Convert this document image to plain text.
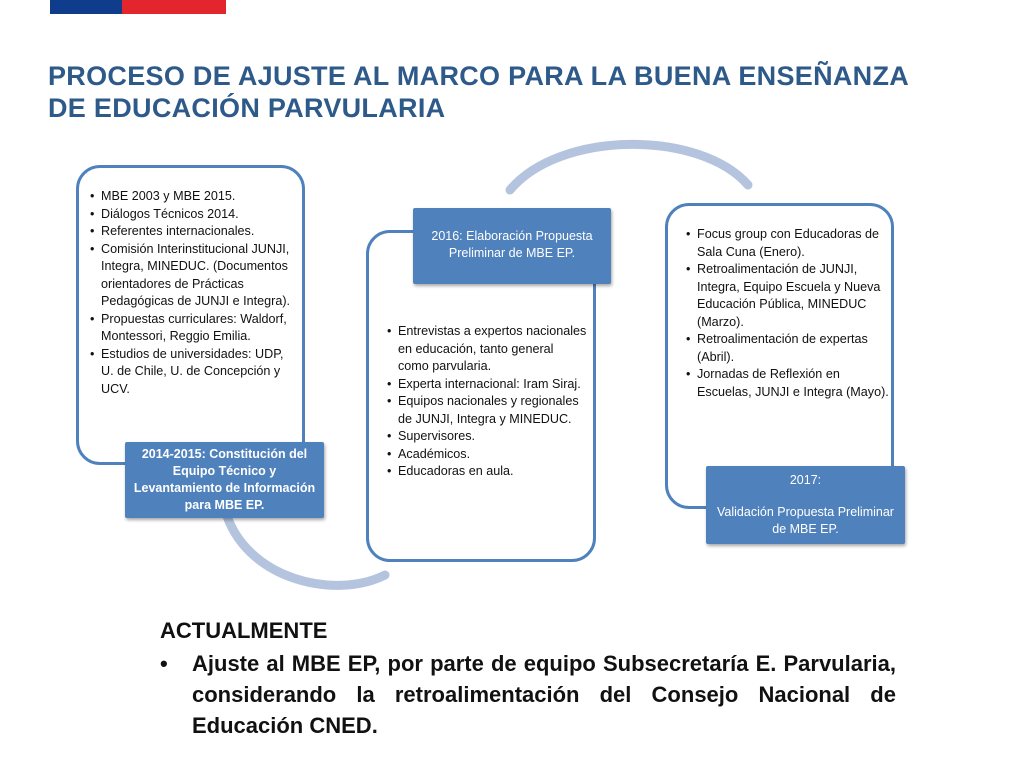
PROCESO DE AJUSTE AL MARCO PARA LA BUENA ENSEÑANZA DE EDUCACIÓN PARVULARIA
• MBE 2003 y MBE 2015.
• Diálogos Técnicos 2014.
• Referentes internacionales.
• Comisión Interinstitucional JUNJI, Integra, MINEDUC. (Documentos orientadores de Prácticas Pedagógicas de JUNJI e Integra).
• Propuestas curriculares: Waldorf, Montessori, Reggio Emilia.
• Estudios de universidades: UDP, U. de Chile, U. de Concepción y UCV.
2014-2015: Constitución del Equipo Técnico y Levantamiento de Información para MBE EP.
• Entrevistas a expertos nacionales en educación, tanto general como parvularia.
• Experta internacional: Iram Siraj.
• Equipos nacionales y regionales de JUNJI, Integra y MINEDUC.
• Supervisores.
• Académicos.
• Educadoras en aula.
2016: Elaboración Propuesta Preliminar de MBE EP.
• Focus group con Educadoras de Sala Cuna (Enero).
• Retroalimentación de JUNJI, Integra, Equipo Escuela y Nueva Educación Pública, MINEDUC (Marzo).
• Retroalimentación de expertas (Abril).
• Jornadas de Reflexión en Escuelas, JUNJI e Integra (Mayo).
2017:
Validación Propuesta Preliminar de MBE EP.
ACTUALMENTE
• Ajuste al MBE EP, por parte de equipo Subsecretaría E. Parvularia, considerando la retroalimentación del Consejo Nacional de Educación CNED.
